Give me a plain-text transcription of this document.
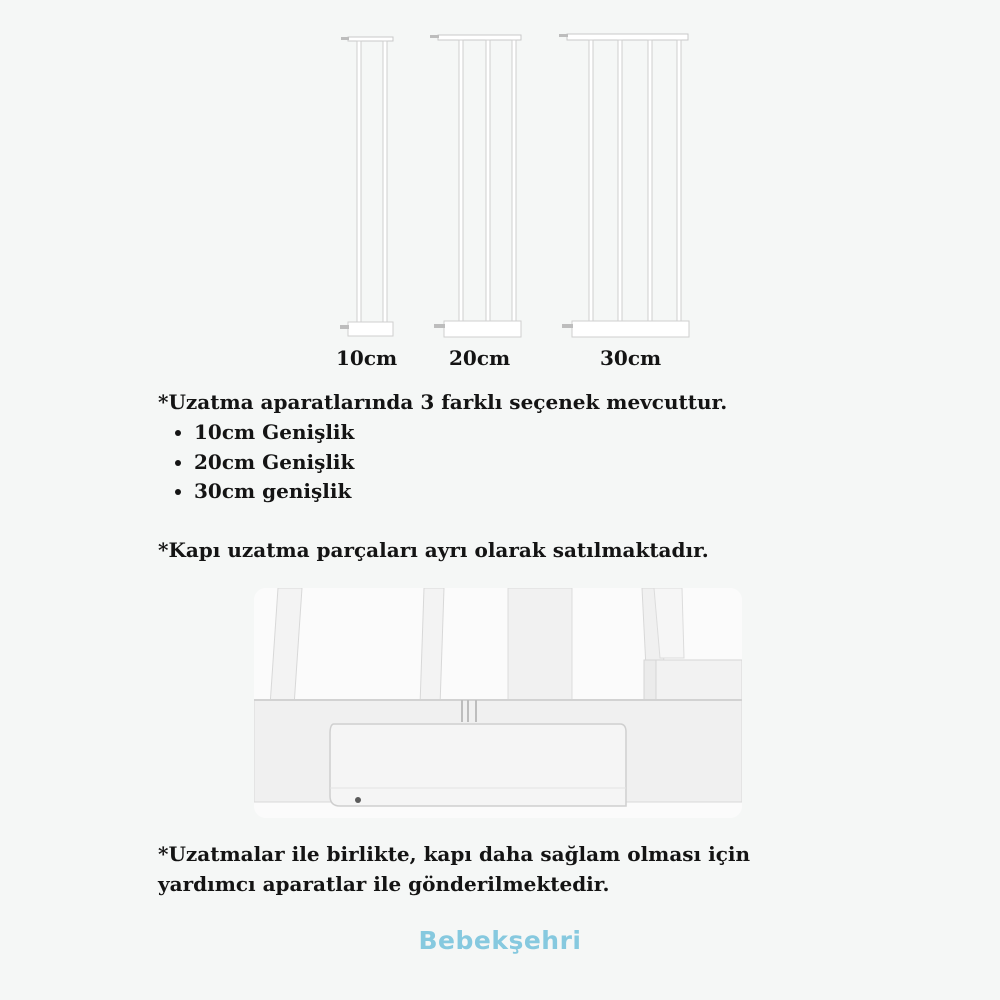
10cm	20cm	30cm
*Uzatma aparatlarında 3 farklı seçenek mevcuttur.
• 10cm Genişlik
• 20cm Genişlik
• 30cm genişlik
*Kapı uzatma parçaları ayrı olarak satılmaktadır.
*Uzatmalar ile birlikte, kapı daha sağlam olması için
yardımcı aparatlar ile gönderilmektedir.
Bebekşehri
